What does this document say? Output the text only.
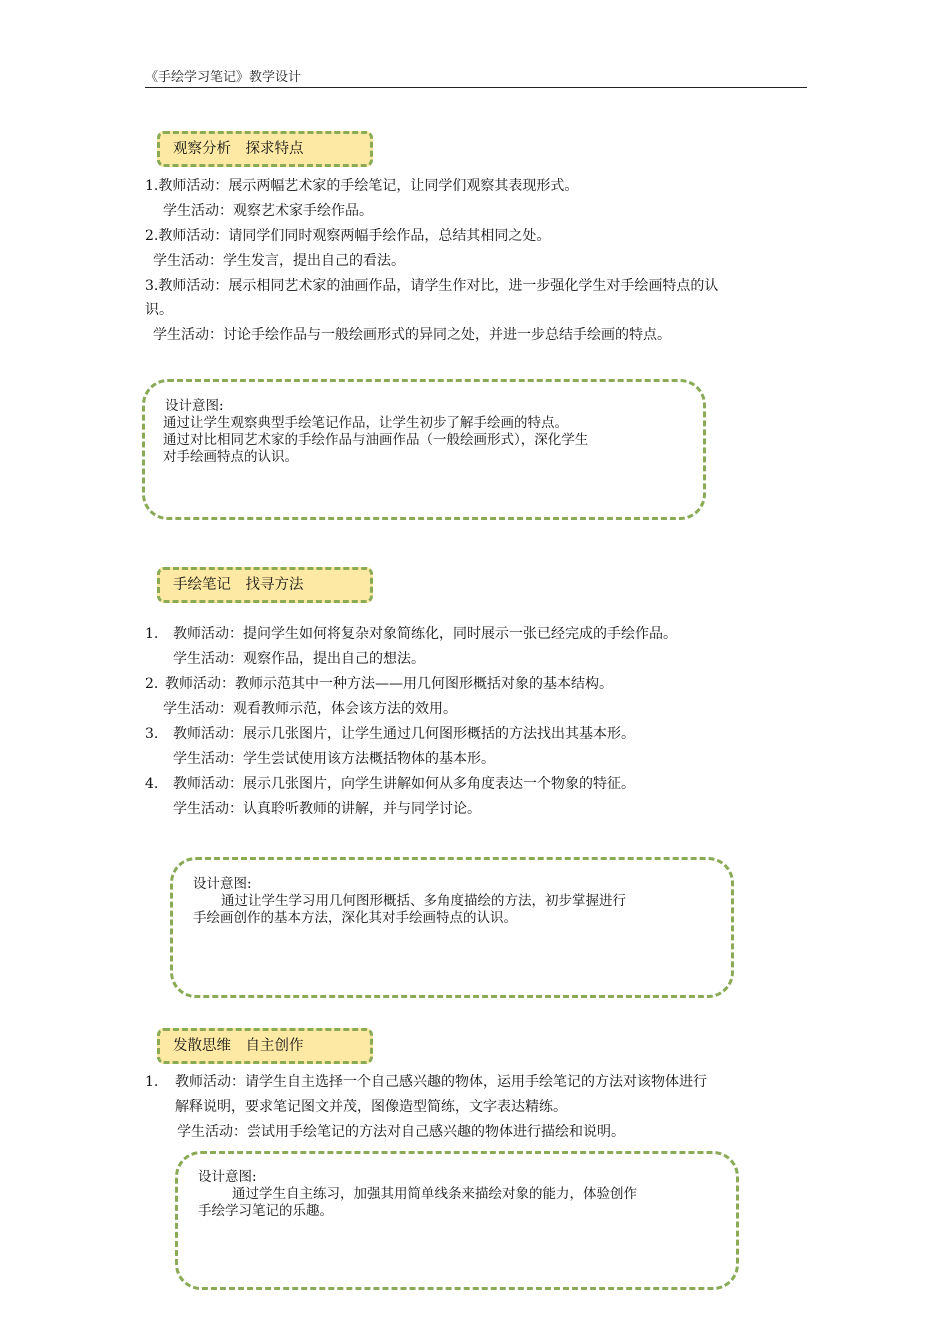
《手绘学习笔记》教学设计
观察分析　探求特点
1.教师活动：展示两幅艺术家的手绘笔记，让同学们观察其表现形式。
学生活动：观察艺术家手绘作品。
2.教师活动：请同学们同时观察两幅手绘作品，总结其相同之处。
学生活动：学生发言，提出自己的看法。
3.教师活动：展示相同艺术家的油画作品，请学生作对比，进一步强化学生对手绘画特点的认
识。
学生活动：讨论手绘作品与一般绘画形式的异同之处，并进一步总结手绘画的特点。
设计意图:
通过让学生观察典型手绘笔记作品，让学生初步了解手绘画的特点。
通过对比相同艺术家的手绘作品与油画作品（一般绘画形式），深化学生
对手绘画特点的认识。
手绘笔记　找寻方法
1. 教师活动：提问学生如何将复杂对象简练化，同时展示一张已经完成的手绘作品。
学生活动：观察作品，提出自己的想法。
2. 教师活动：教师示范其中一种方法——用几何图形概括对象的基本结构。
学生活动：观看教师示范，体会该方法的效用。
3. 教师活动：展示几张图片，让学生通过几何图形概括的方法找出其基本形。
学生活动：学生尝试使用该方法概括物体的基本形。
4. 教师活动：展示几张图片，向学生讲解如何从多角度表达一个物象的特征。
学生活动：认真聆听教师的讲解，并与同学讨论。
设计意图:
通过让学生学习用几何图形概括、多角度描绘的方法，初步掌握进行
手绘画创作的基本方法，深化其对手绘画特点的认识。
发散思维　自主创作
1. 教师活动：请学生自主选择一个自己感兴趣的物体，运用手绘笔记的方法对该物体进行
解释说明，要求笔记图文并茂，图像造型简练，文字表达精练。
学生活动：尝试用手绘笔记的方法对自己感兴趣的物体进行描绘和说明。
设计意图:
通过学生自主练习，加强其用简单线条来描绘对象的能力，体验创作
手绘学习笔记的乐趣。
